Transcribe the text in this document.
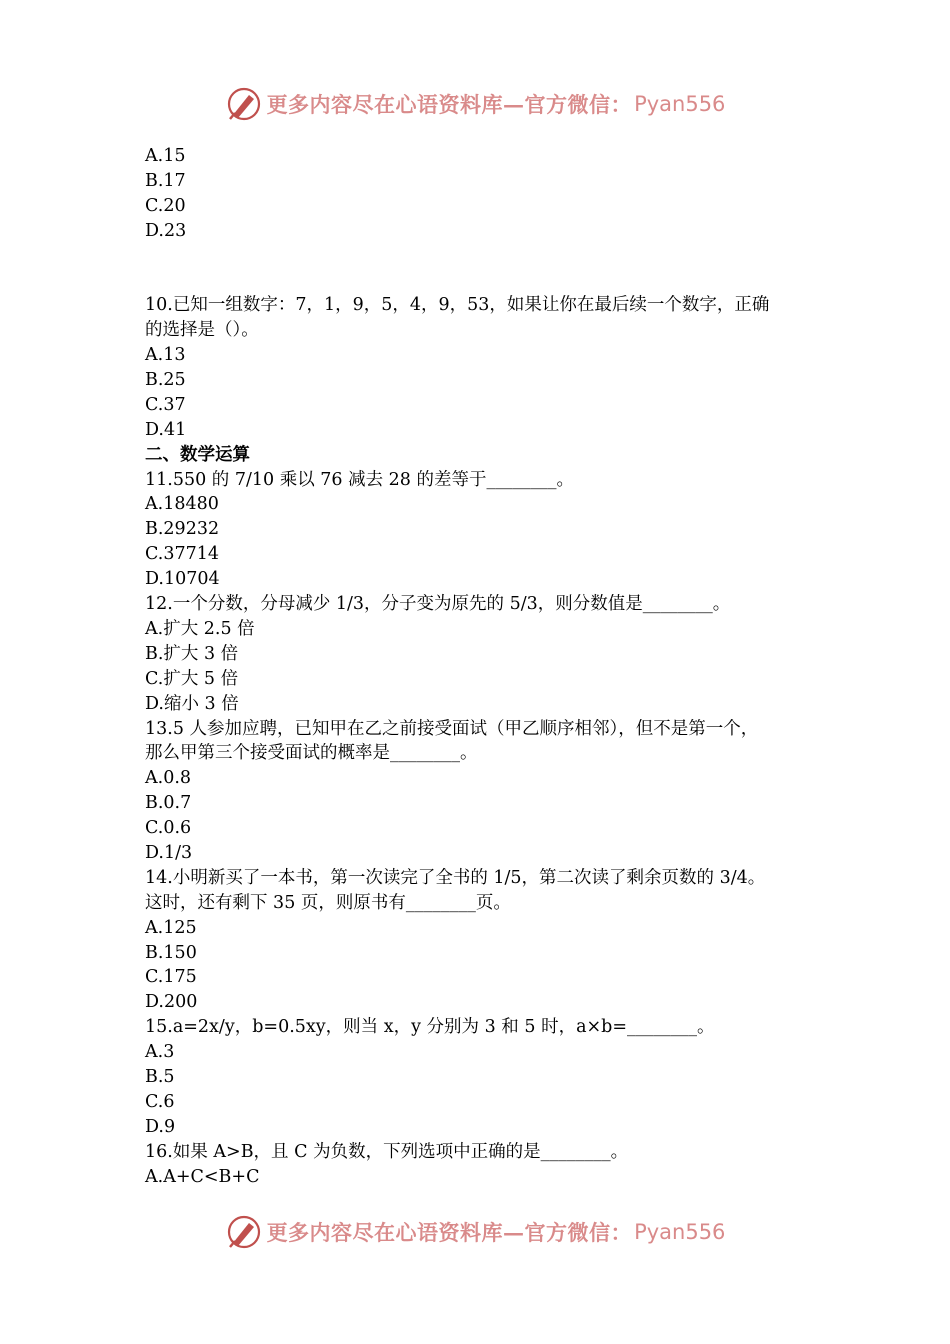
更多内容尽在心语资料库—官方微信： Pyan556
A.15
B.17
C.20
D.23
10.已知一组数字：7，1，9，5，4，9，53，如果让你在最后续一个数字，正确
的选择是（）。
A.13
B.25
C.37
D.41
二、数学运算
11.550 的 7/10 乘以 76 减去 28 的差等于________。
A.18480
B.29232
C.37714
D.10704
12.一个分数，分母减少 1/3，分子变为原先的 5/3，则分数值是________。
A.扩大 2.5 倍
B.扩大 3 倍
C.扩大 5 倍
D.缩小 3 倍
13.5 人参加应聘，已知甲在乙之前接受面试（甲乙顺序相邻），但不是第一个，
那么甲第三个接受面试的概率是________。
A.0.8
B.0.7
C.0.6
D.1/3
14.小明新买了一本书，第一次读完了全书的 1/5，第二次读了剩余页数的 3/4。
这时，还有剩下 35 页，则原书有________页。
A.125
B.150
C.175
D.200
15.a=2x/y，b=0.5xy，则当 x，y 分别为 3 和 5 时，a×b=________。
A.3
B.5
C.6
D.9
16.如果 A>B，且 C 为负数，下列选项中正确的是________。
A.A+C<B+C
更多内容尽在心语资料库—官方微信： Pyan556
